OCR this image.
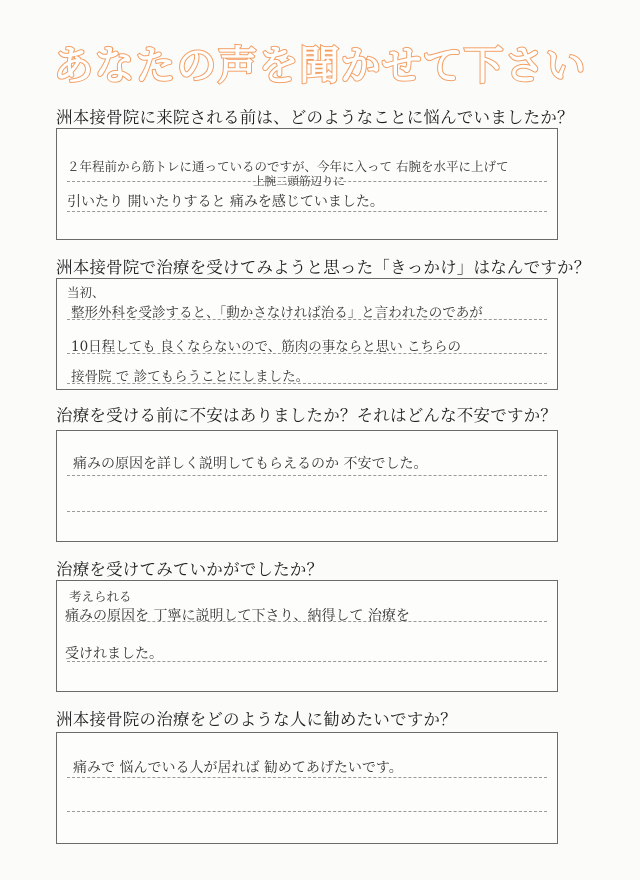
あなたの声を聞かせて下さい
洲本接骨院に来院される前は、どのようなことに悩んでいましたか？
２年程前から筋トレに通っているのですが、今年に入って 右腕を水平に上げて
上腕二頭筋辺りに
引いたり 開いたりすると 痛みを感じていました。
洲本接骨院で治療を受けてみようと思った「きっかけ」はなんですか？
当初、
整形外科を受診すると、「動かさなければ治る」と言われたのであが
10日程しても 良くならないので、筋肉の事ならと思い こちらの
接骨院 で 診てもらうことにしました。
治療を受ける前に不安はありましたか？それはどんな不安ですか？
痛みの原因を詳しく説明してもらえるのか 不安でした。
治療を受けてみていかがでしたか？
考えられる
痛みの原因を 丁寧に説明して下さり、納得して 治療を
受けれました。
洲本接骨院の治療をどのような人に勧めたいですか？
痛みで 悩んでいる人が居れば 勧めてあげたいです。
